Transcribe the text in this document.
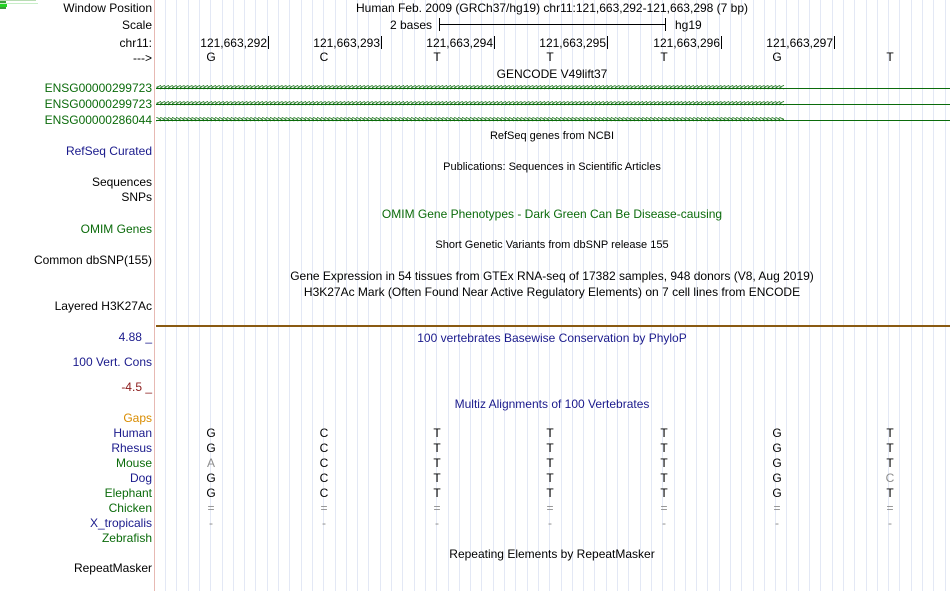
Window Position	Human Feb. 2009 (GRCh37/hg19) chr11:121,663,292-121,663,298 (7 bp)
Scale	2 bases	hg19
chr11:	121,663,292	121,663,293	121,663,294	121,663,295	121,663,296	121,663,297
--->	G	C	T	T	T	G	T
GENCODE V49lift37
ENSG00000299723 <<<<<<<<<<<<<<<<<<<<<<<<<<<<<<<<<<<<<<<<<<<<<<<<<<<<<<<<<<<<<<<<<<<<<<<<<<<<<<<<<<<<<<<<<<<<<<<<<<<<<<<<<<<<<<<<<<<<<<<<<<<<<<<<<<<<<<<<<<<<<<<<<<<<<<<<<<<<<<<<
ENSG00000299723 <<<<<<<<<<<<<<<<<<<<<<<<<<<<<<<<<<<<<<<<<<<<<<<<<<<<<<<<<<<<<<<<<<<<<<<<<<<<<<<<<<<<<<<<<<<<<<<<<<<<<<<<<<<<<<<<<<<<<<<<<<<<<<<<<<<<<<<<<<<<<<<<<<<<<<<<<<<<<<<<
ENSG00000286044 >>>>>>>>>>>>>>>>>>>>>>>>>>>>>>>>>>>>>>>>>>>>>>>>>>>>>>>>>>>>>>>>>>>>>>>>>>>>>>>>>>>>>>>>>>>>>>>>>>>>>>>>>>>>>>>>>>>>>>>>>>>>>>>>>>>>>>>>>>>>>>>>>>>>>>>>>>>>>>>>
RefSeq genes from NCBI
RefSeq Curated
Publications: Sequences in Scientific Articles
Sequences
SNPs
OMIM Gene Phenotypes - Dark Green Can Be Disease-causing
OMIM Genes
Short Genetic Variants from dbSNP release 155
Common dbSNP(155)
Gene Expression in 54 tissues from GTEx RNA-seq of 17382 samples, 948 donors (V8, Aug 2019)
H3K27Ac Mark (Often Found Near Active Regulatory Elements) on 7 cell lines from ENCODE
Layered H3K27Ac
4.88 _	100 vertebrates Basewise Conservation by PhyloP
100 Vert. Cons
-4.5 _
Multiz Alignments of 100 Vertebrates
Gaps
Human	G	C	T	T	T	G	T
Rhesus	G	C	T	T	T	G	T
Mouse	A	C	T	T	T	G	T
Dog	G	C	T	T	T	G	C
Elephant	G	C	T	T	T	G	T
Chicken	=	=	=	=	=	=	=
X_tropicalis	-	-	-	-	-	-	-
Zebrafish
Repeating Elements by RepeatMasker
RepeatMasker
